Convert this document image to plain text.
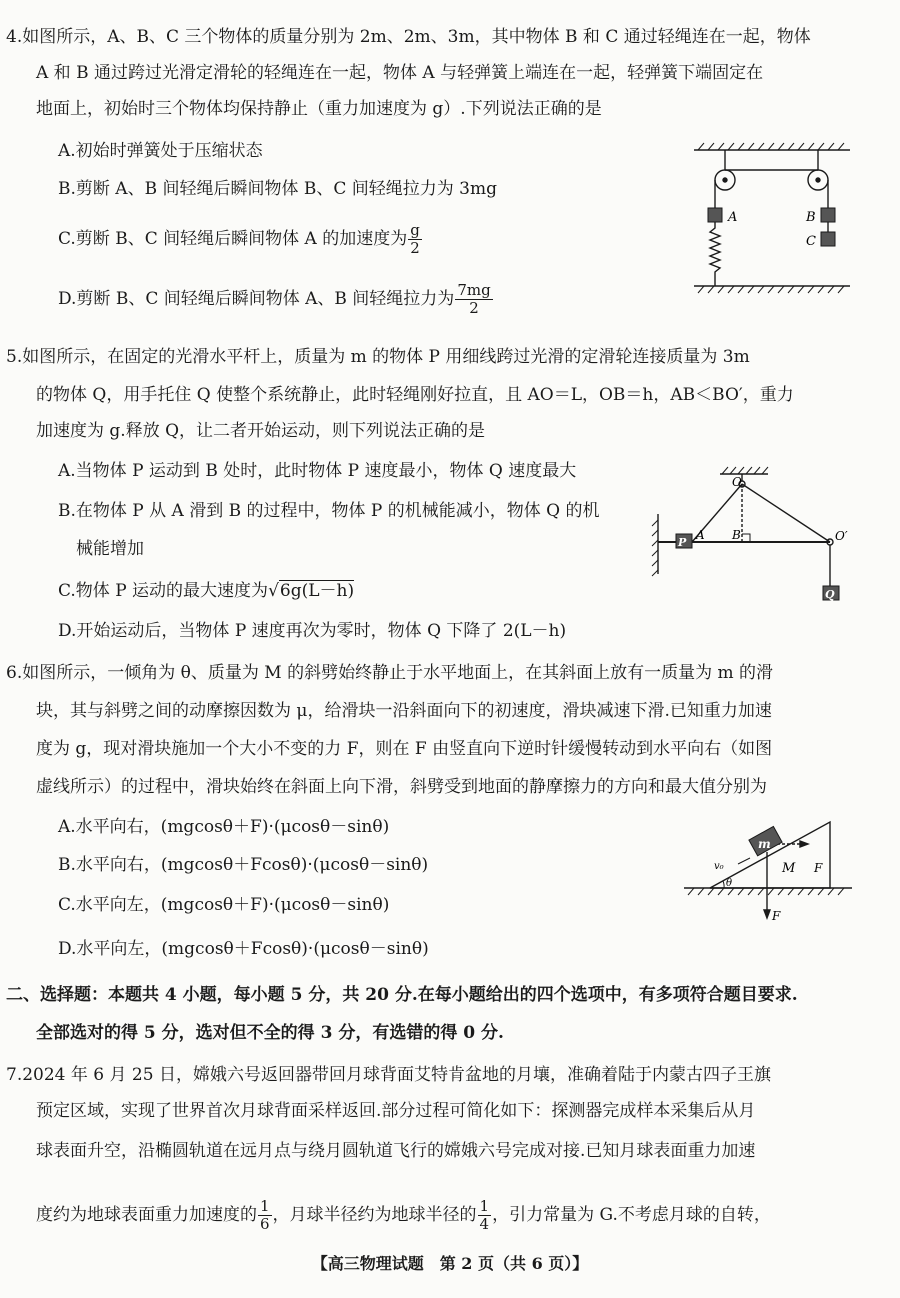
4.如图所示，A、B、C 三个物体的质量分别为 2m、2m、3m，其中物体 B 和 C 通过轻绳连在一起，物体
A 和 B 通过跨过光滑定滑轮的轻绳连在一起，物体 A 与轻弹簧上端连在一起，轻弹簧下端固定在
地面上，初始时三个物体均保持静止（重力加速度为 g）.下列说法正确的是
A.初始时弹簧处于压缩状态
B.剪断 A、B 间轻绳后瞬间物体 B、C 间轻绳拉力为 3mg
C.剪断 B、C 间轻绳后瞬间物体 A 的加速度为 $\frac{g}{2}$
D.剪断 B、C 间轻绳后瞬间物体 A、B 间轻绳拉力为 $\frac{7mg}{2}$
A	B
C
5.如图所示，在固定的光滑水平杆上，质量为 m 的物体 P 用细线跨过光滑的定滑轮连接质量为 3m
的物体 Q，用手托住 Q 使整个系统静止，此时轻绳刚好拉直，且 AO＝L，OB＝h，AB＜BO′，重力
加速度为 g.释放 Q，让二者开始运动，则下列说法正确的是
A.当物体 P 运动到 B 处时，此时物体 P 速度最小，物体 Q 速度最大
B.在物体 P 从 A 滑到 B 的过程中，物体 P 的机械能减小，物体 Q 的机
械能增加
C.物体 P 运动的最大速度为√6g(L－h)
D.开始运动后，当物体 P 速度再次为零时，物体 Q 下降了 2(L－h)
P
Q
O
O′
A B
6.如图所示，一倾角为 θ、质量为 M 的斜劈始终静止于水平地面上，在其斜面上放有一质量为 m 的滑
块，其与斜劈之间的动摩擦因数为 μ，给滑块一沿斜面向下的初速度，滑块减速下滑.已知重力加速
度为 g，现对滑块施加一个大小不变的力 F，则在 F 由竖直向下逆时针缓慢转动到水平向右（如图
虚线所示）的过程中，滑块始终在斜面上向下滑，斜劈受到地面的静摩擦力的方向和最大值分别为
A.水平向右，(mgcosθ＋F)·(μcosθ－sinθ)
B.水平向右，(mgcosθ＋Fcosθ)·(μcosθ－sinθ)
C.水平向左，(mgcosθ＋F)·(μcosθ－sinθ)
D.水平向左，(mgcosθ＋Fcosθ)·(μcosθ－sinθ)
m
v₀	M F
F
θ
二、选择题：本题共 4 小题，每小题 5 分，共 20 分.在每小题给出的四个选项中，有多项符合题目要求.
全部选对的得 5 分，选对但不全的得 3 分，有选错的得 0 分.
7.2024 年 6 月 25 日，嫦娥六号返回器带回月球背面艾特肯盆地的月壤，准确着陆于内蒙古四子王旗
预定区域，实现了世界首次月球背面采样返回.部分过程可简化如下：探测器完成样本采集后从月
球表面升空，沿椭圆轨道在远月点与绕月圆轨道飞行的嫦娥六号完成对接.已知月球表面重力加速
度约为地球表面重力加速度的 $\frac{1}{6}$ ，月球半径约为地球半径的 $\frac{1}{4}$ ，引力常量为 G.不考虑月球的自转，
【高三物理试题　第 2 页（共 6 页）】
